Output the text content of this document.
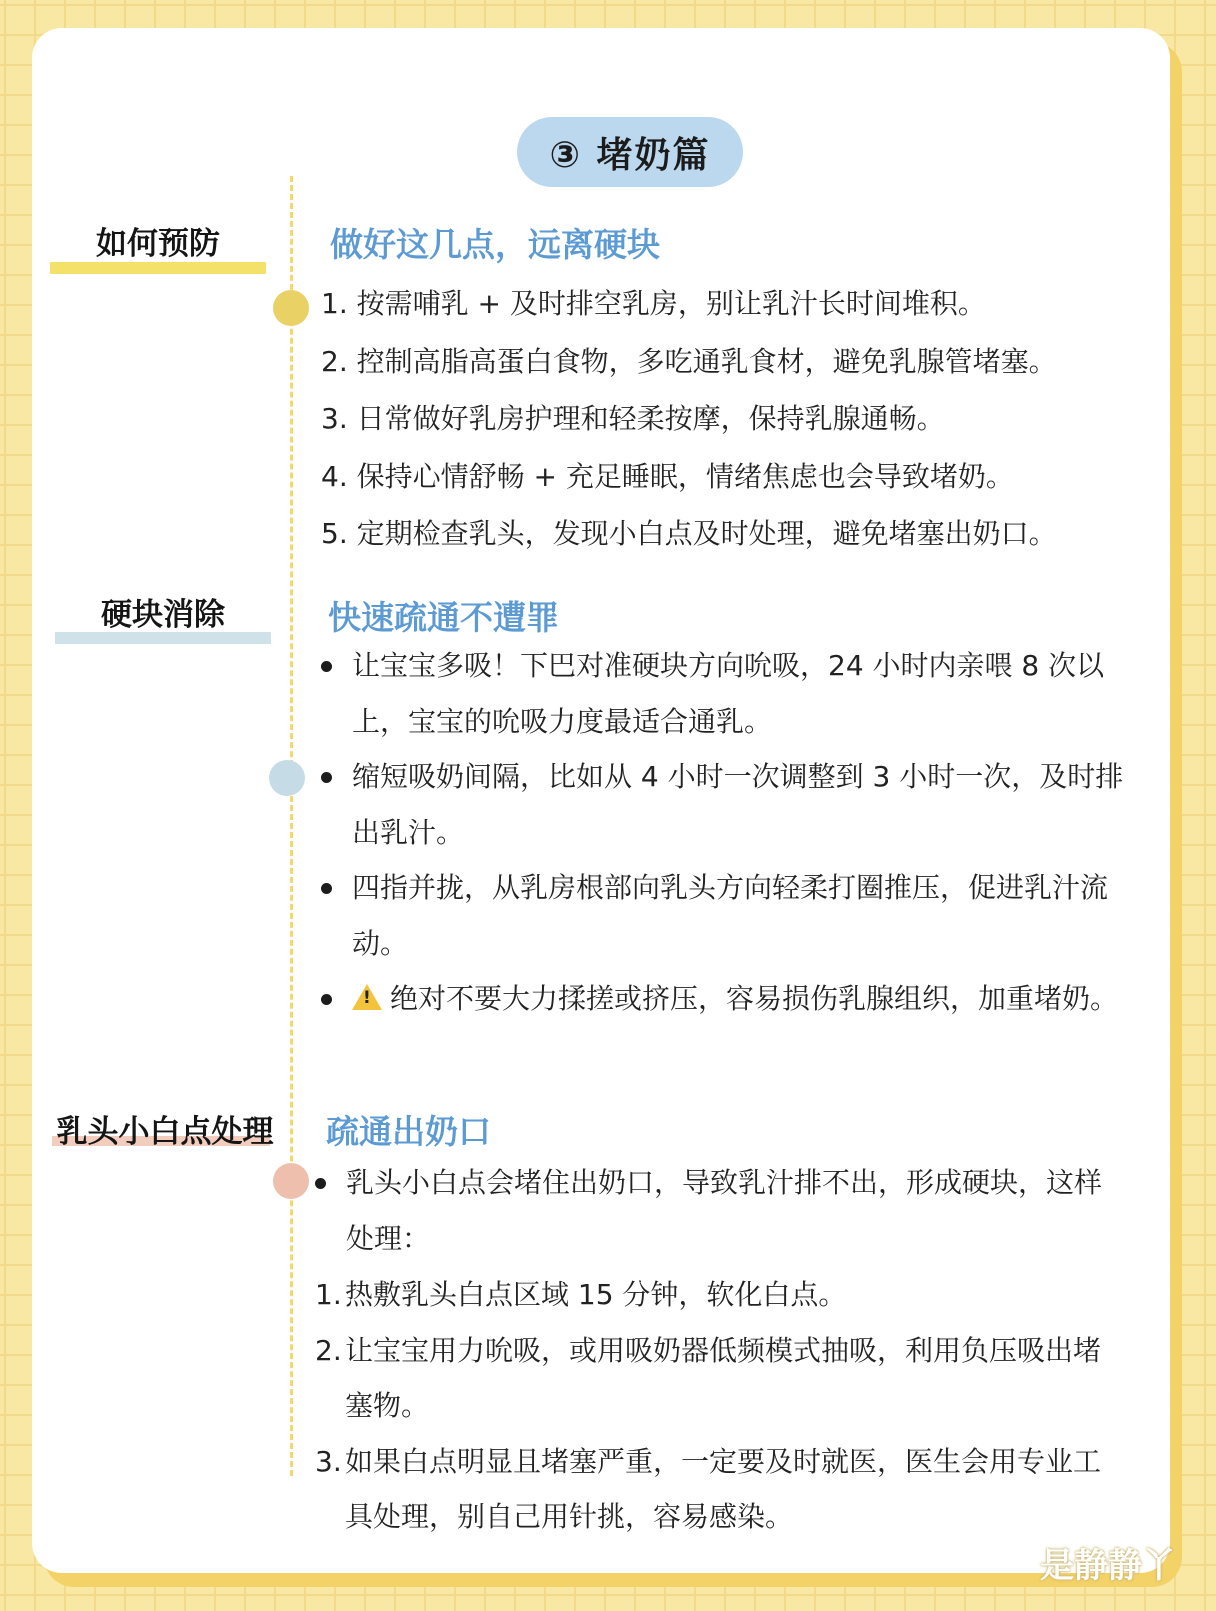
③ 堵奶篇
如何预防	做好这几点，远离硬块
1. 按需哺乳 + 及时排空乳房，别让乳汁长时间堆积。
2. 控制高脂高蛋白食物，多吃通乳食材，避免乳腺管堵塞。
3. 日常做好乳房护理和轻柔按摩，保持乳腺通畅。
4. 保持心情舒畅 + 充足睡眠，情绪焦虑也会导致堵奶。
5. 定期检查乳头，发现小白点及时处理，避免堵塞出奶口。
硬块消除	快速疏通不遭罪
让宝宝多吸！下巴对准硬块方向吮吸，24 小时内亲喂 8 次以上，宝宝的吮吸力度最适合通乳。
缩短吸奶间隔，比如从 4 小时一次调整到 3 小时一次，及时排出乳汁。
四指并拢，从乳房根部向乳头方向轻柔打圈推压，促进乳汁流动。
!绝对不要大力揉搓或挤压，容易损伤乳腺组织，加重堵奶。
乳头小白点处理	疏通出奶口
乳头小白点会堵住出奶口，导致乳汁排不出，形成硬块，这样处理：
1. 热敷乳头白点区域 15 分钟，软化白点。
2. 让宝宝用力吮吸，或用吸奶器低频模式抽吸，利用负压吸出堵塞物。
3. 如果白点明显且堵塞严重，一定要及时就医，医生会用专业工具处理，别自己用针挑，容易感染。
是静静丫
